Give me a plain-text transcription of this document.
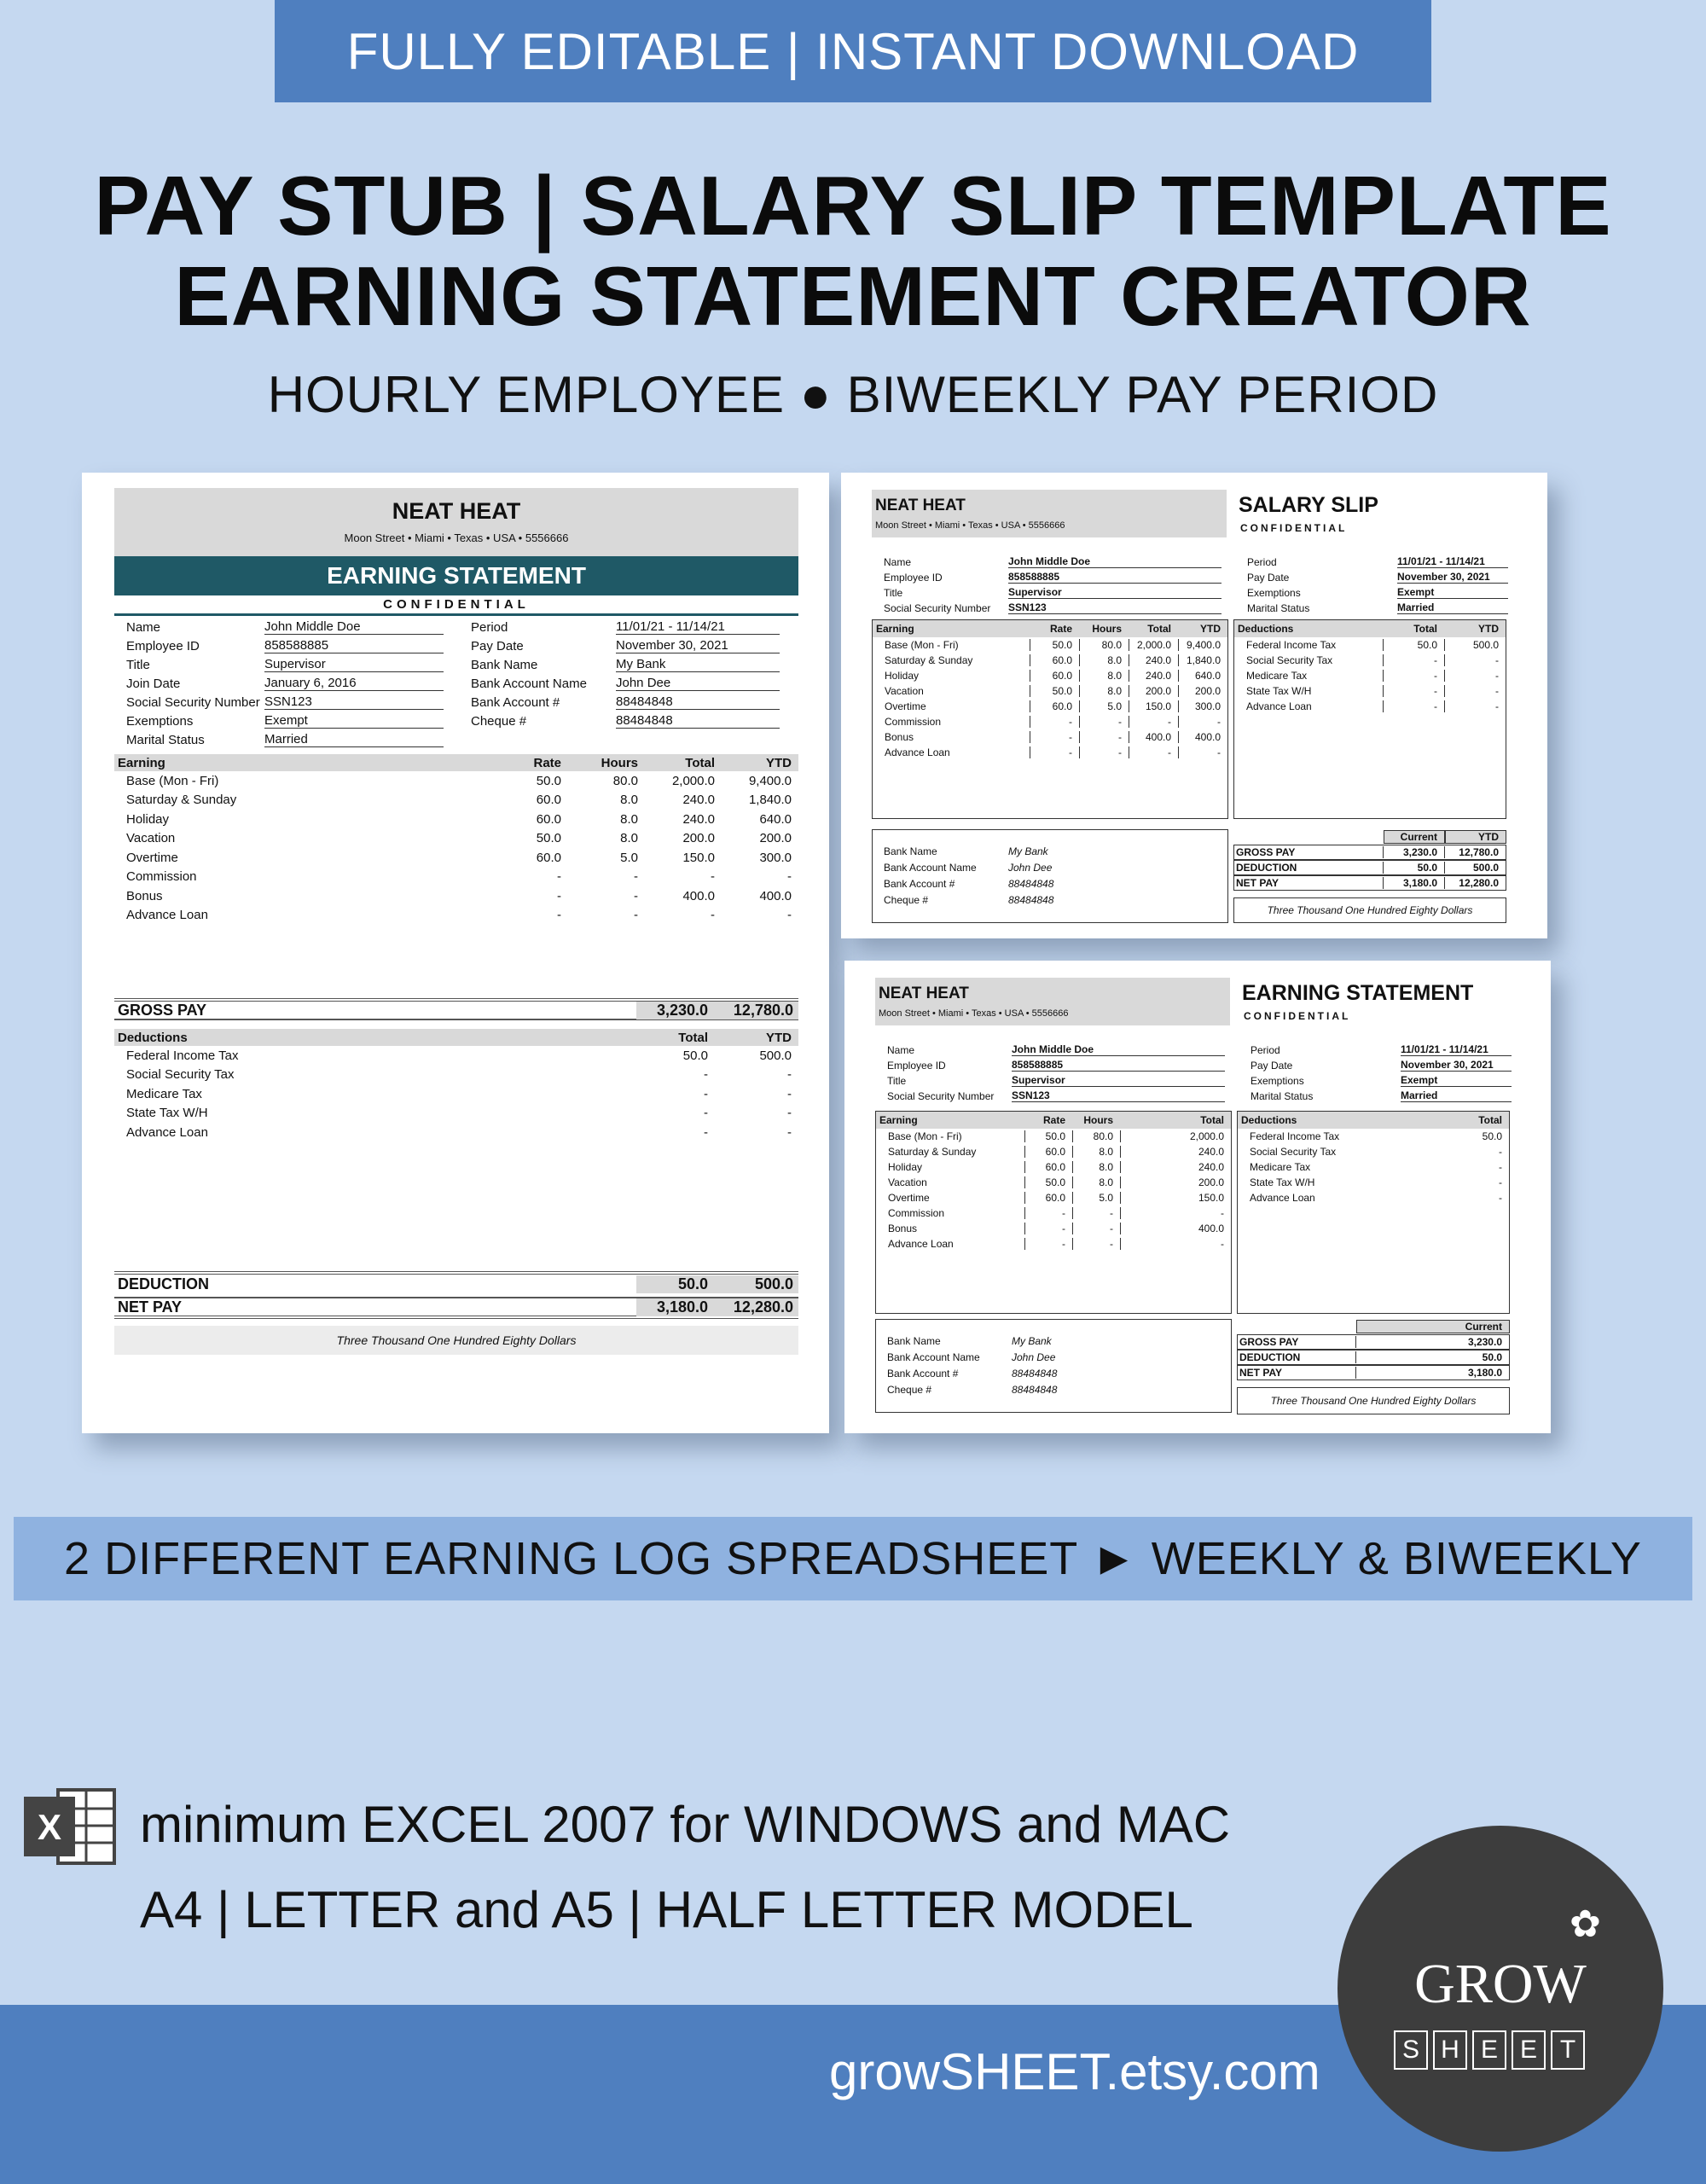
FULLY EDITABLE | INSTANT DOWNLOAD
PAY STUB | SALARY SLIP TEMPLATE
EARNING STATEMENT CREATOR
HOURLY EMPLOYEE ● BIWEEKLY PAY PERIOD
NEAT HEAT
Moon Street • Miami • Texas • USA • 5556666
EARNING STATEMENT
CONFIDENTIAL
Name	John Middle Doe
Employee ID	858588885
Title	Supervisor
Join Date	January 6, 2016
Social Security Number SSN123
Exemptions	Exempt
Marital Status	Married
Period	11/01/21 - 11/14/21
Pay Date	November 30, 2021
Bank Name	My Bank
Bank Account Name	John Dee
Bank Account #	88484848
Cheque #	88484848
Earning	Rate	Hours	Total	YTD
Base (Mon - Fri)	50.0	80.0	2,000.0	9,400.0
Saturday & Sunday	60.0	8.0	240.0	1,840.0
Holiday	60.0	8.0	240.0	640.0
Vacation	50.0	8.0	200.0	200.0
Overtime	60.0	5.0	150.0	300.0
Commission	-	-	-	-
Bonus	-	-	400.0	400.0
Advance Loan	-	-	-	-
GROSS PAY	3,230.0	12,780.0
Deductions	Total	YTD
Federal Income Tax	50.0	500.0
Social Security Tax	-	-
Medicare Tax	-	-
State Tax W/H	-	-
Advance Loan	-	-
DEDUCTION	50.0	500.0
NET PAY	3,180.0	12,280.0
Three Thousand One Hundred Eighty Dollars
NEAT HEAT
Moon Street • Miami • Texas • USA • 5556666
SALARY SLIP
CONFIDENTIAL
Name	John Middle Doe
Employee ID	858588885
Title	Supervisor
Social Security Number	SSN123
Period	11/01/21 - 11/14/21
Pay Date	November 30, 2021
Exemptions	Exempt
Marital Status	Married
Earning	Rate	Hours	Total	YTD
Base (Mon - Fri)	50.0	80.0	2,000.0	9,400.0
Saturday & Sunday	60.0	8.0	240.0	1,840.0
Holiday	60.0	8.0	240.0	640.0
Vacation	50.0	8.0	200.0	200.0
Overtime	60.0	5.0	150.0	300.0
Commission	-	-	-	-
Bonus	-	-	400.0	400.0
Advance Loan	-	-	-	-
Deductions	Total	YTD
Federal Income Tax	50.0	500.0
Social Security Tax	-	-
Medicare Tax	-	-
State Tax W/H	-	-
Advance Loan	-	-
Bank Name	My Bank
Bank Account Name	John Dee
Bank Account #	88484848
Cheque #	88484848
Current	YTD
GROSS PAY	3,230.0	12,780.0
DEDUCTION	50.0	500.0
NET PAY	3,180.0	12,280.0
Three Thousand One Hundred Eighty Dollars
NEAT HEAT
Moon Street • Miami • Texas • USA • 5556666
EARNING STATEMENT
CONFIDENTIAL
Name	John Middle Doe
Employee ID	858588885
Title	Supervisor
Social Security Number	SSN123
Period	11/01/21 - 11/14/21
Pay Date	November 30, 2021
Exemptions	Exempt
Marital Status	Married
Earning	Rate	Hours	Total
Base (Mon - Fri)	50.0	80.0	2,000.0
Saturday & Sunday	60.0	8.0	240.0
Holiday	60.0	8.0	240.0
Vacation	50.0	8.0	200.0
Overtime	60.0	5.0	150.0
Commission	-	-	-
Bonus	-	-	400.0
Advance Loan	-	-	-
Deductions	Total
Federal Income Tax	50.0
Social Security Tax	-
Medicare Tax	-
State Tax W/H	-
Advance Loan	-
Bank Name	My Bank
Bank Account Name	John Dee
Bank Account #	88484848
Cheque #	88484848
Current
GROSS PAY	3,230.0
DEDUCTION	50.0
NET PAY	3,180.0
Three Thousand One Hundred Eighty Dollars
2 DIFFERENT EARNING LOG SPREADSHEET ► WEEKLY & BIWEEKLY
X minimum EXCEL 2007 for WINDOWS and MAC
A4 | LETTER and A5 | HALF LETTER MODEL
growSHEET.etsy.com
✿
GROW
S H E E T
